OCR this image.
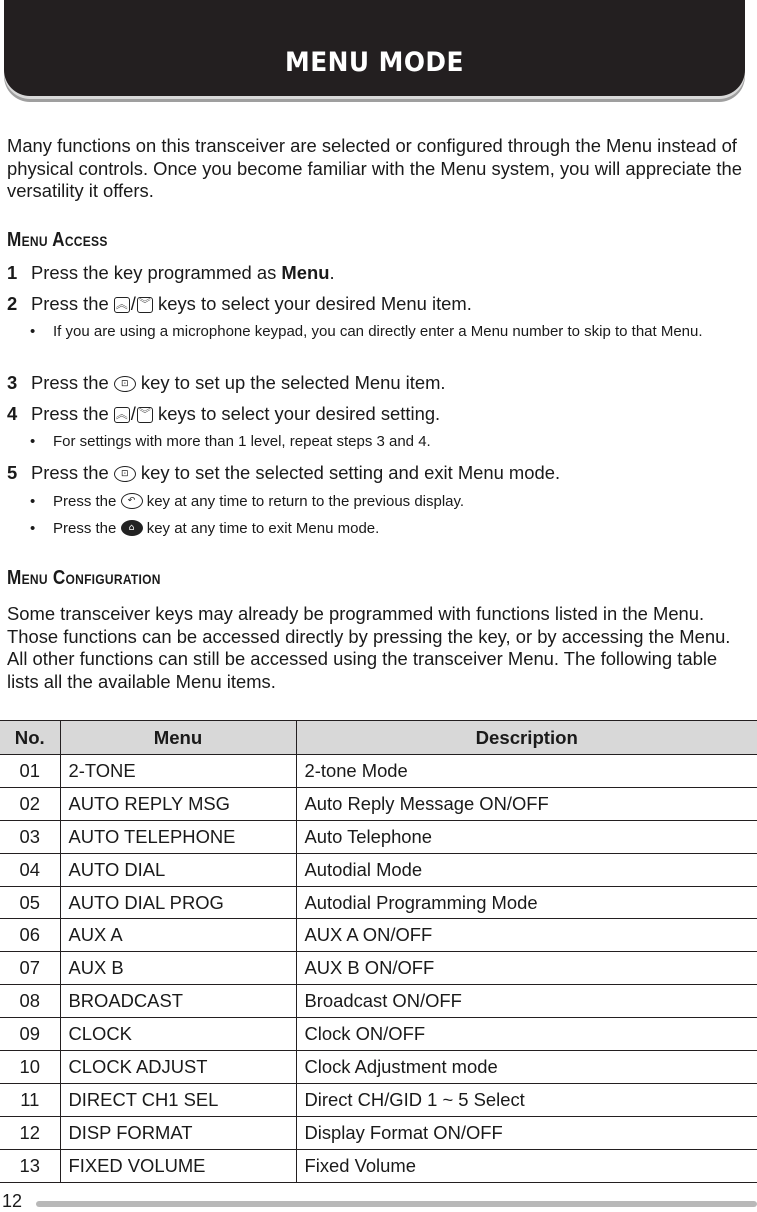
MENU MODE

Many functions on this transceiver are selected or configured through the Menu instead of physical controls. Once you become familiar with the Menu system, you will appreciate the versatility it offers.

Menu Access
1 Press the key programmed as Menu.
2 Press the ︽ / ︾ keys to select your desired Menu item.
• If you are using a microphone keypad, you can directly enter a Menu number to skip to that Menu.
3 Press the ⊡ key to set up the selected Menu item.
4 Press the ︽ / ︾ keys to select your desired setting.
• For settings with more than 1 level, repeat steps 3 and 4.
5 Press the ⊡ key to set the selected setting and exit Menu mode.
• Press the ↶ key at any time to return to the previous display.
• Press the ⌂ key at any time to exit Menu mode.
Menu Configuration

Some transceiver keys may already be programmed with functions listed in the Menu. Those functions can be accessed directly by pressing the key, or by accessing the Menu. All other functions can still be accessed using the transceiver Menu. The following table lists all the available Menu items.

No.	Menu	Description
01	2-TONE	2-tone Mode
02	AUTO REPLY MSG	Auto Reply Message ON/OFF
03	AUTO TELEPHONE	Auto Telephone
04	AUTO DIAL	Autodial Mode
05	AUTO DIAL PROG	Autodial Programming Mode
06	AUX A	AUX A ON/OFF
07	AUX B	AUX B ON/OFF
08	BROADCAST	Broadcast ON/OFF
09	CLOCK	Clock ON/OFF
10	CLOCK ADJUST	Clock Adjustment mode
11	DIRECT CH1 SEL	Direct CH/GID 1 ~ 5 Select
12	DISP FORMAT	Display Format ON/OFF
13	FIXED VOLUME	Fixed Volume
12
